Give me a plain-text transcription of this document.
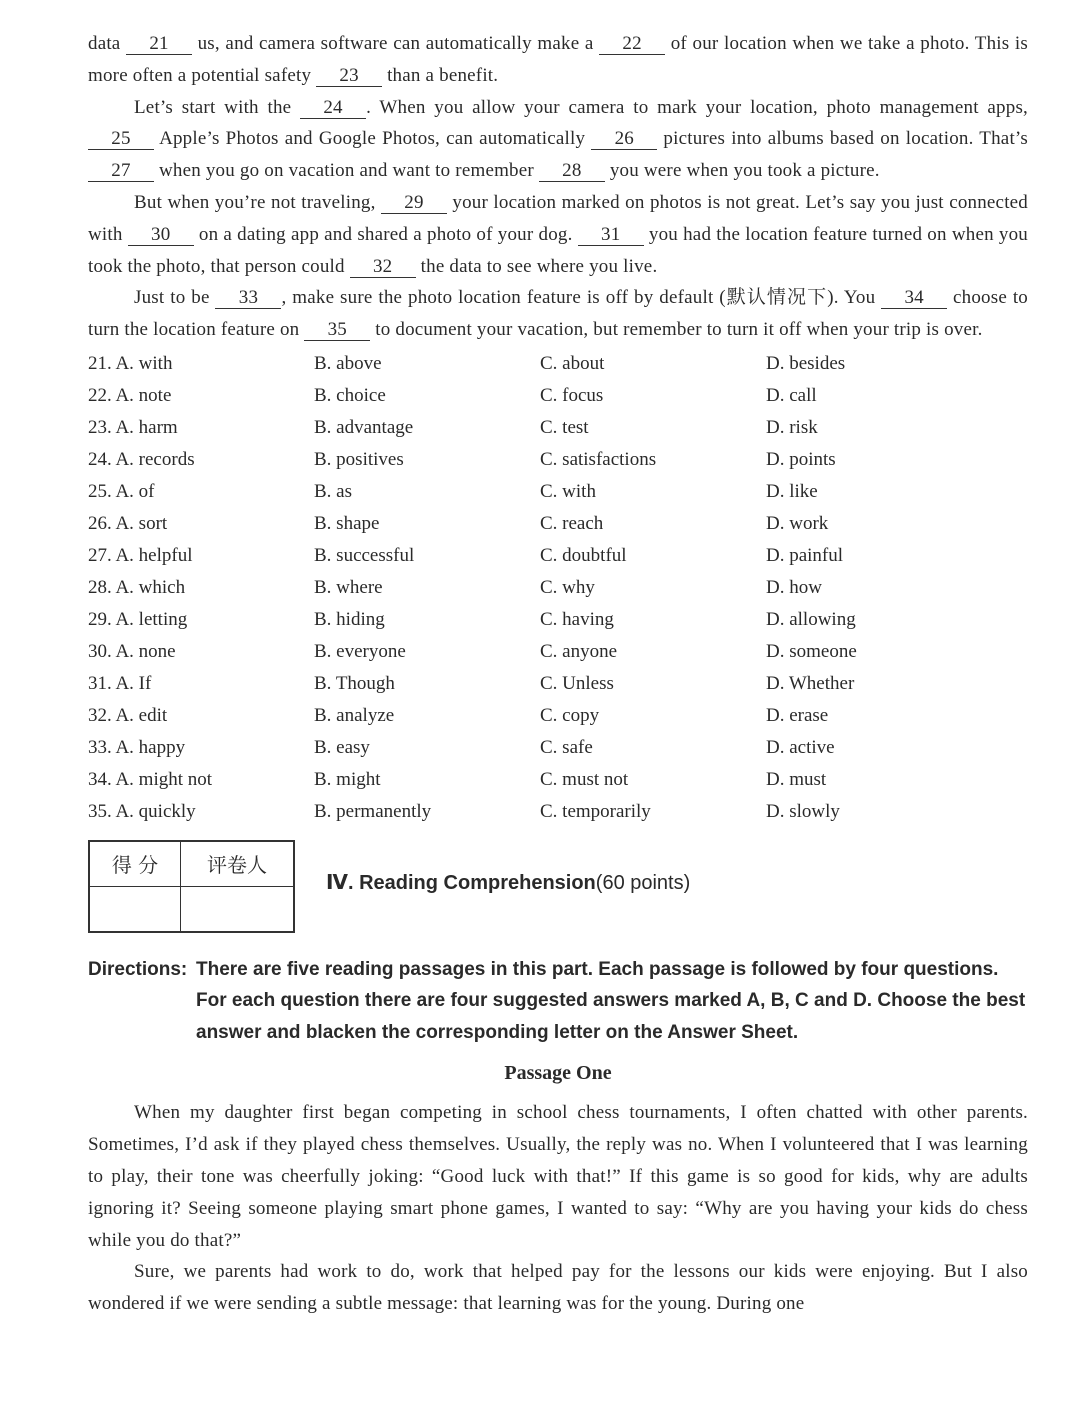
data 21 us, and camera software can automatically make a 22 of our location when we take a photo. This is more often a potential safety 23 than a benefit.

Let’s start with the 24 . When you allow your camera to mark your location, photo management apps, 25 Apple’s Photos and Google Photos, can automatically 26 pictures into albums based on location. That’s 27 when you go on vacation and want to remember 28 you were when you took a picture.

But when you’re not traveling, 29 your location marked on photos is not great. Let’s say you just connected with 30 on a dating app and shared a photo of your dog. 31 you had the location feature turned on when you took the photo, that person could 32 the data to see where you live.

Just to be 33 , make sure the photo location feature is off by default (默认情况下). You 34 choose to turn the location feature on 35 to document your vacation, but remember to turn it off when your trip is over.

21. A. with	B. above	C. about	D. besides
22. A. note	B. choice	C. focus	D. call
23. A. harm	B. advantage	C. test	D. risk
24. A. records	B. positives	C. satisfactions	D. points
25. A. of	B. as	C. with	D. like
26. A. sort	B. shape	C. reach	D. work
27. A. helpful	B. successful	C. doubtful	D. painful
28. A. which	B. where	C. why	D. how
29. A. letting	B. hiding	C. having	D. allowing
30. A. none	B. everyone	C. anyone	D. someone
31. A. If	B. Though	C. Unless	D. Whether
32. A. edit	B. analyze	C. copy	D. erase
33. A. happy	B. easy	C. safe	D. active
34. A. might not	B. might	C. must not	D. must
35. A. quickly	B. permanently	C. temporarily	D. slowly
得 分	评卷人

Ⅳ. Reading Comprehension(60 points)
Directions: There are five reading passages in this part. Each passage is followed by four questions. For each question there are four suggested answers marked A, B, C and D. Choose the best answer and blacken the corresponding letter on the Answer Sheet.
Passage One

When my daughter first began competing in school chess tournaments, I often chatted with other parents. Sometimes, I’d ask if they played chess themselves. Usually, the reply was no. When I volunteered that I was learning to play, their tone was cheerfully joking: “Good luck with that!” If this game is so good for kids, why are adults ignoring it? Seeing someone playing smart phone games, I wanted to say: “Why are you having your kids do chess while you do that?”

Sure, we parents had work to do, work that helped pay for the lessons our kids were enjoying. But I also wondered if we were sending a subtle message: that learning was for the young. During one
